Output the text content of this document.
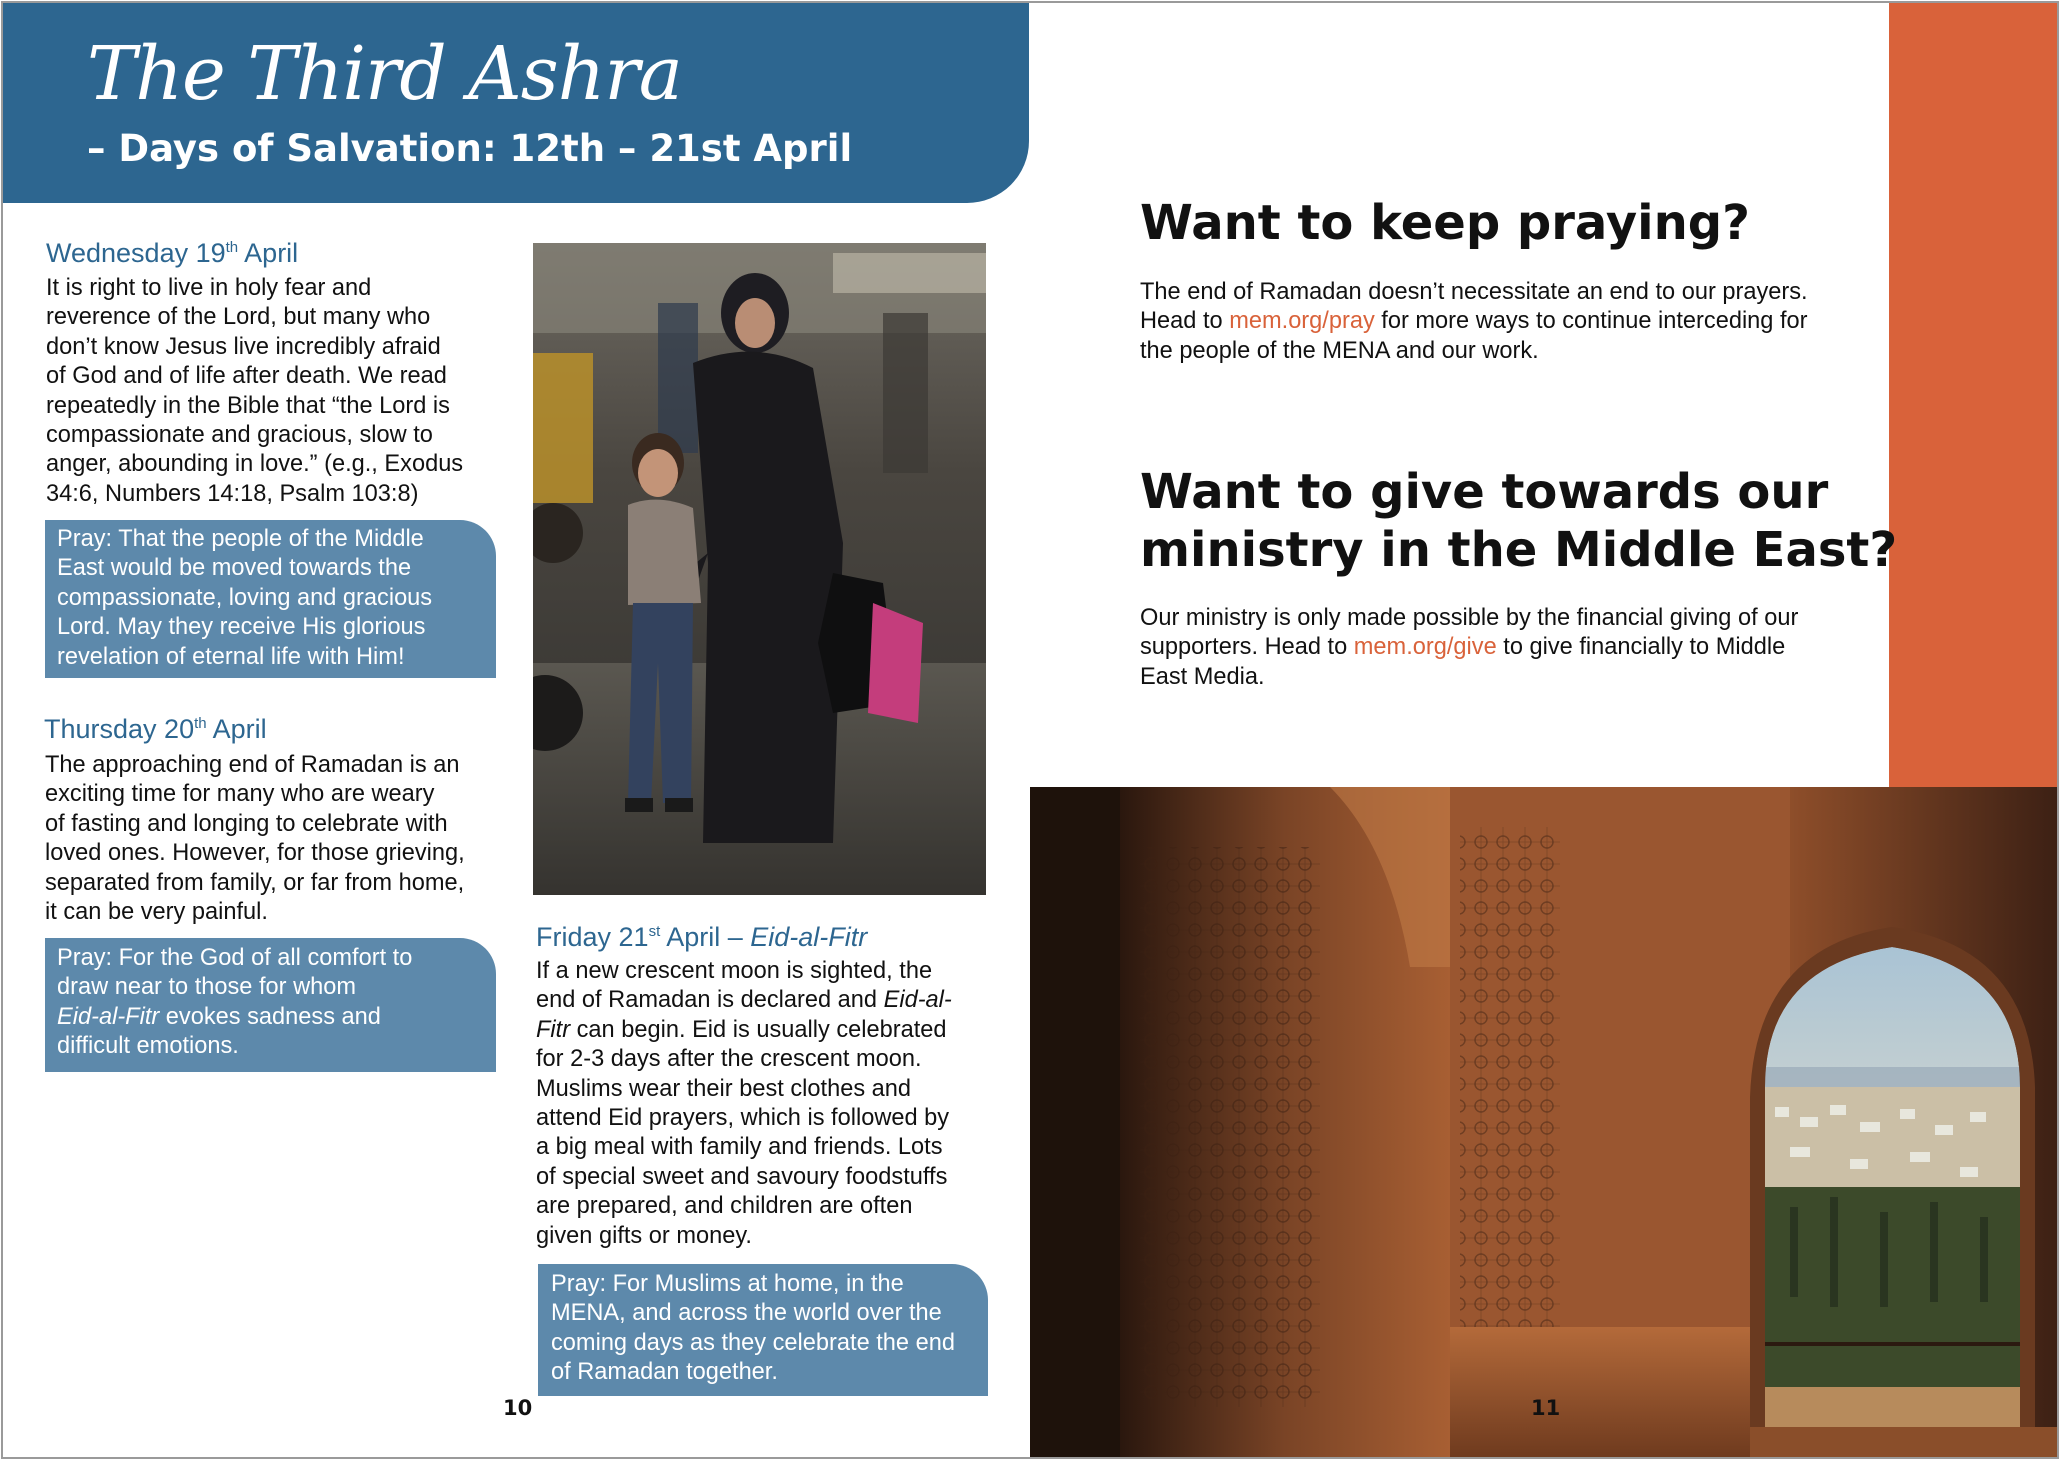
The Third Ashra
– Days of Salvation: 12th – 21st April
Wednesday 19th April
It is right to live in holy fear and
reverence of the Lord, but many who
don’t know Jesus live incredibly afraid
of God and of life after death. We read
repeatedly in the Bible that “the Lord is
compassionate and gracious, slow to
anger, abounding in love.” (e.g., Exodus
34:6, Numbers 14:18, Psalm 103:8)
Pray: That the people of the Middle
East would be moved towards the
compassionate, loving and gracious
Lord. May they receive His glorious
revelation of eternal life with Him!
Thursday 20th April
The approaching end of Ramadan is an
exciting time for many who are weary
of fasting and longing to celebrate with
loved ones. However, for those grieving,
separated from family, or far from home,
it can be very painful.
Pray: For the God of all comfort to
draw near to those for whom
Eid-al-Fitr evokes sadness and
difficult emotions.
Friday 21st April – Eid-al-Fitr
If a new crescent moon is sighted, the
end of Ramadan is declared and Eid-al-
Fitr can begin. Eid is usually celebrated
for 2-3 days after the crescent moon.
Muslims wear their best clothes and
attend Eid prayers, which is followed by
a big meal with family and friends. Lots
of special sweet and savoury foodstuffs
are prepared, and children are often
given gifts or money.
Pray: For Muslims at home, in the
MENA, and across the world over the
coming days as they celebrate the end
of Ramadan together.
10
Want to keep praying?
The end of Ramadan doesn’t necessitate an end to our prayers.
Head to mem.org/pray for more ways to continue interceding for
the people of the MENA and our work.
Want to give towards our
ministry in the Middle East?
Our ministry is only made possible by the financial giving of our
supporters. Head to mem.org/give to give financially to Middle
East Media.
11
